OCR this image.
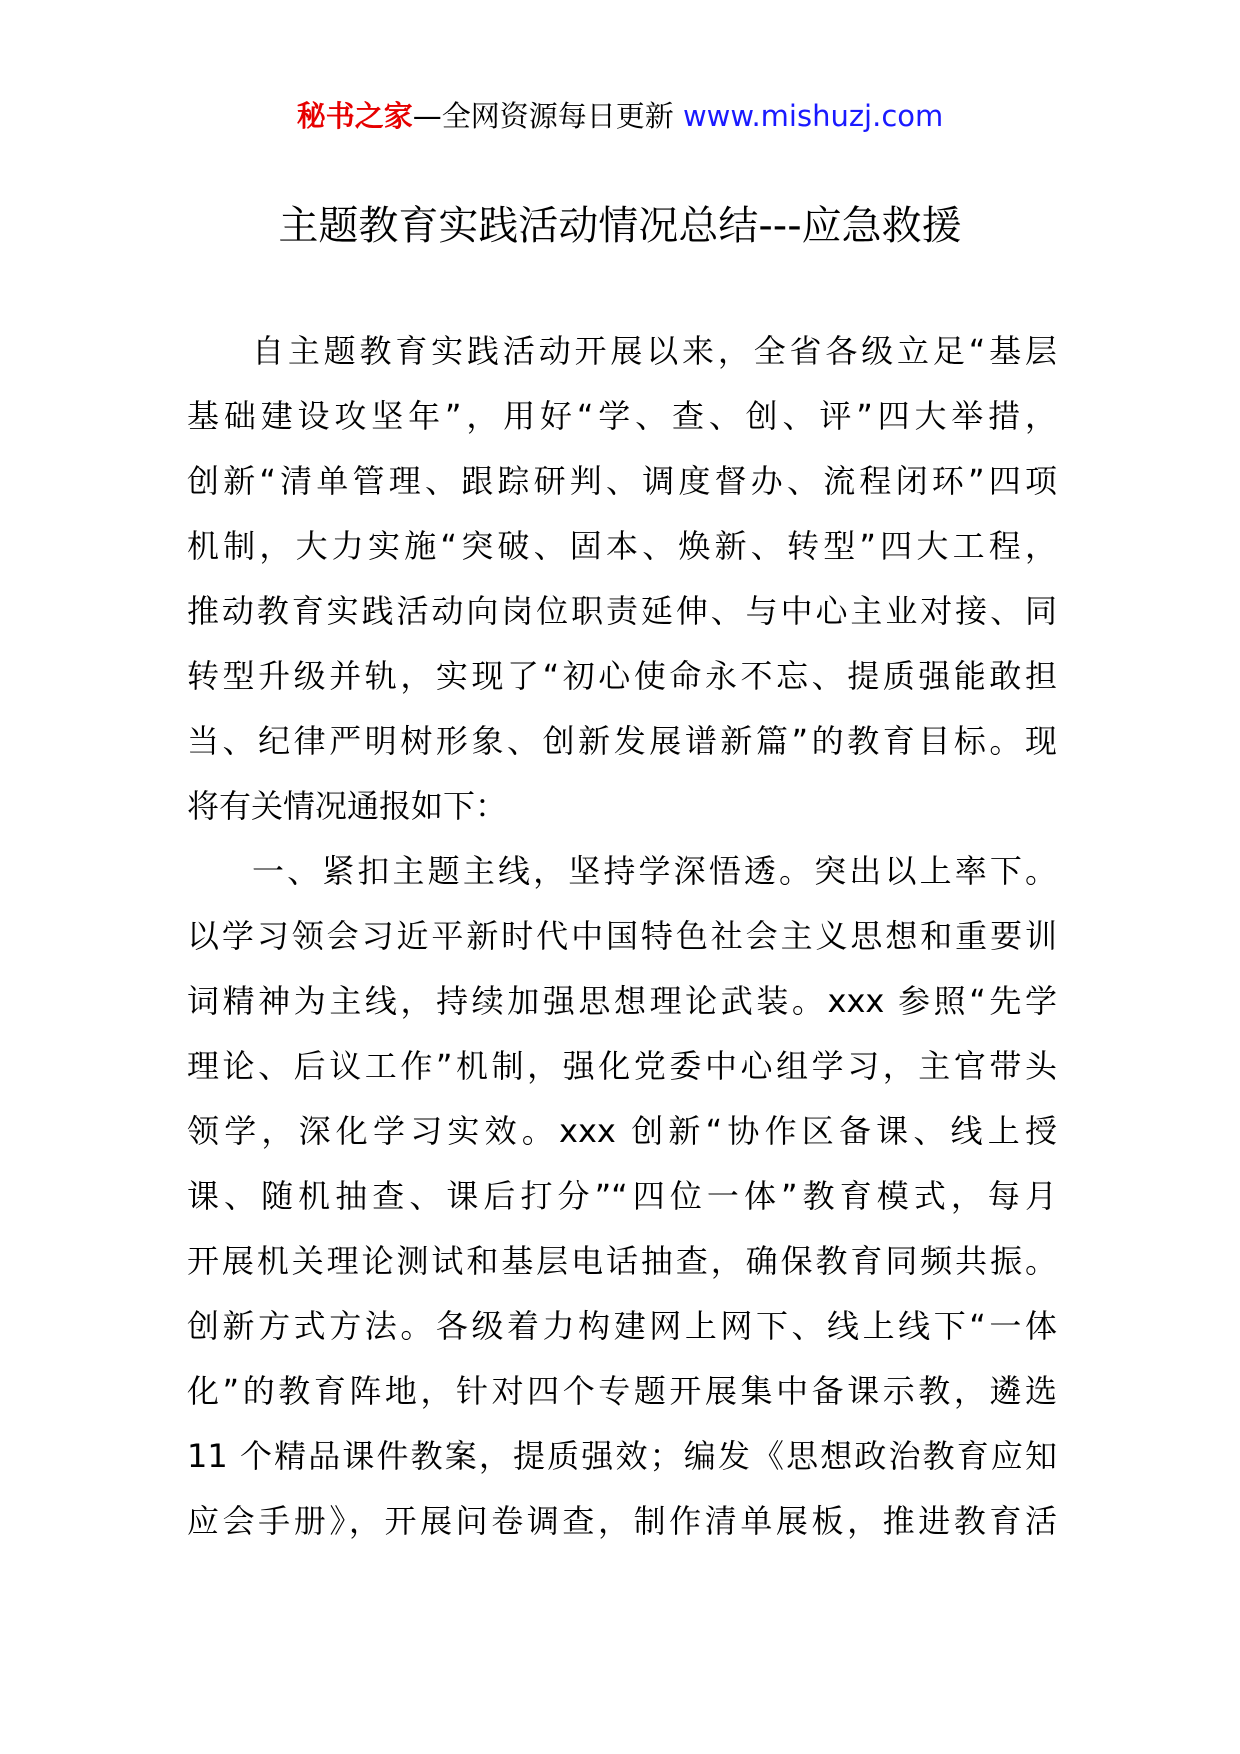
秘书之家—全网资源每日更新 www.mishuzj.com
主题教育实践活动情况总结---应急救援
自主题教育实践活动开展以来，全省各级立足“基层
基础建设攻坚年”，用好“学、查、创、评”四大举措，
创新“清单管理、跟踪研判、调度督办、流程闭环”四项
机制，大力实施“突破、固本、焕新、转型”四大工程，
推动教育实践活动向岗位职责延伸、与中心主业对接、同
转型升级并轨，实现了“初心使命永不忘、提质强能敢担
当、纪律严明树形象、创新发展谱新篇”的教育目标。现
将有关情况通报如下：
一、紧扣主题主线，坚持学深悟透。突出以上率下。
以学习领会习近平新时代中国特色社会主义思想和重要训
词精神为主线，持续加强思想理论武装。xxx 参照“先学
理论、后议工作”机制，强化党委中心组学习，主官带头
领学，深化学习实效。xxx 创新“协作区备课、线上授
课、随机抽查、课后打分”“四位一体”教育模式，每月
开展机关理论测试和基层电话抽查，确保教育同频共振。
创新方式方法。各级着力构建网上网下、线上线下“一体
化”的教育阵地，针对四个专题开展集中备课示教，遴选
11 个精品课件教案，提质强效；编发《思想政治教育应知
应会手册》，开展问卷调查，制作清单展板，推进教育活
